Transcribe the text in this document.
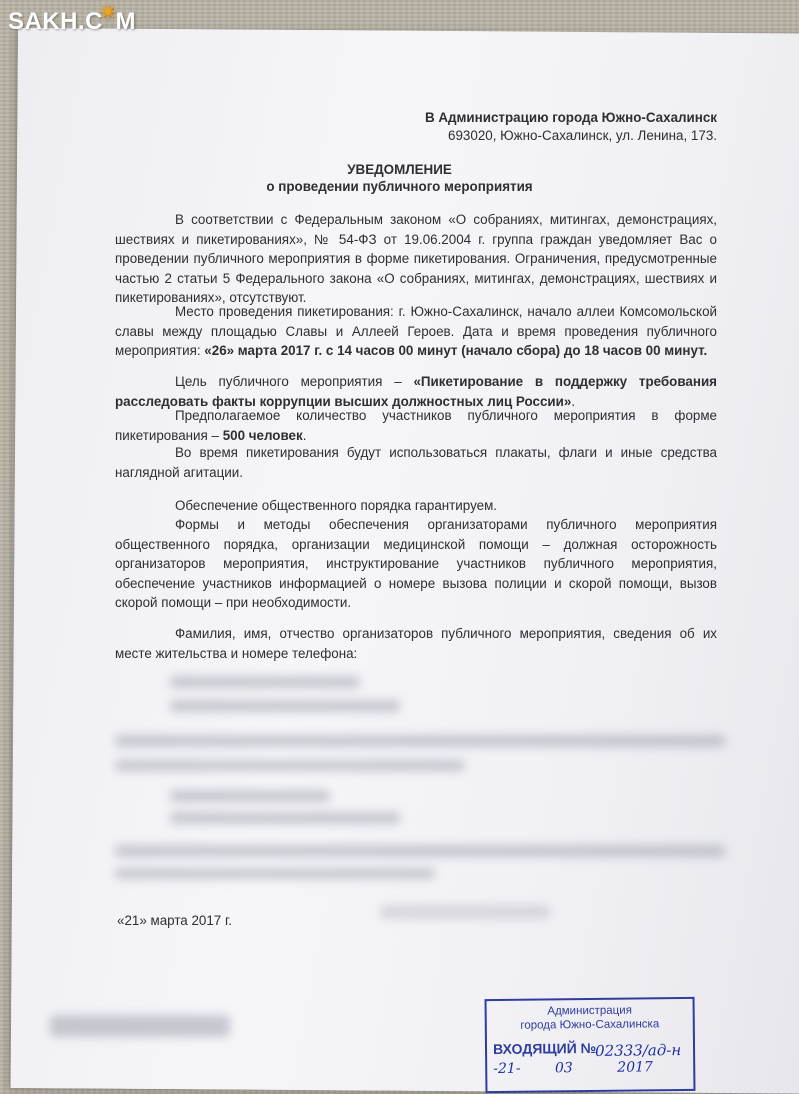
SAKH.C☀M
В Администрацию города Южно-Сахалинск
693020, Южно-Сахалинск, ул. Ленина, 173.
УВЕДОМЛЕНИЕ
о проведении публичного мероприятия
В соответствии с Федеральным законом «О собраниях, митингах, демонстрациях, шествиях и пикетированиях», № 54-ФЗ от 19.06.2004 г. группа граждан уведомляет Вас о проведении публичного мероприятия в форме пикетирования. Ограничения, предусмотренные частью 2 статьи 5 Федерального закона «О собраниях, митингах, демонстрациях, шествиях и пикетированиях», отсутствуют.
Место проведения пикетирования: г. Южно-Сахалинск, начало аллеи Комсомольской славы между площадью Славы и Аллеей Героев. Дата и время проведения публичного мероприятия: «26» марта 2017 г. с 14 часов 00 минут (начало сбора) до 18 часов 00 минут.
Цель публичного мероприятия – «Пикетирование в поддержку требования расследовать факты коррупции высших должностных лиц России».
Предполагаемое количество участников публичного мероприятия в форме пикетирования – 500 человек.
Во время пикетирования будут использоваться плакаты, флаги и иные средства наглядной агитации.
Обеспечение общественного порядка гарантируем.
Формы и методы обеспечения организаторами публичного мероприятия общественного порядка, организации медицинской помощи – должная осторожность организаторов мероприятия, инструктирование участников публичного мероприятия, обеспечение участников информацией о номере вызова полиции и скорой помощи, вызов скорой помощи – при необходимости.
Фамилия, имя, отчество организаторов публичного мероприятия, сведения об их месте жительства и номере телефона:
«21» марта 2017 г.
Администрация
города Южно-Сахалинска
ВХОДЯЩИЙ №
02333/ад-н
-21- 03	2017
